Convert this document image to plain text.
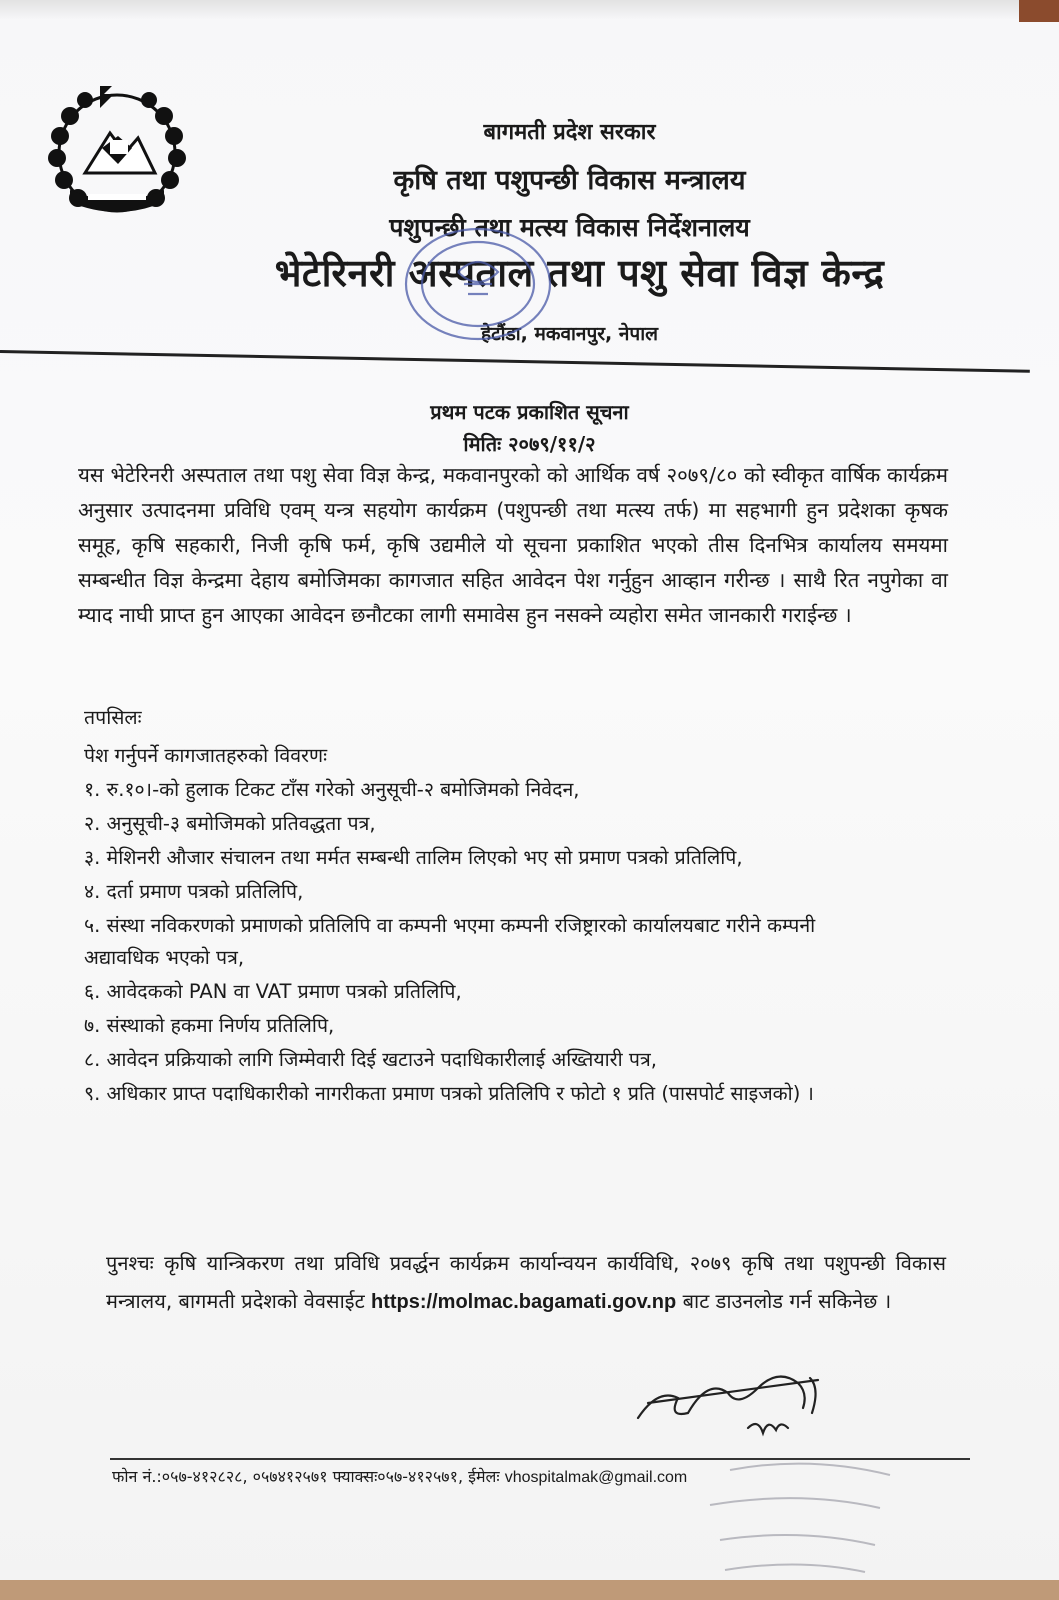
बागमती प्रदेश सरकार
कृषि तथा पशुपन्छी विकास मन्त्रालय
पशुपन्छी तथा मत्स्य विकास निर्देशनालय
भेटेरिनरी अस्पताल तथा पशु सेवा विज्ञ केन्द्र
हेटौंडा, मकवानपुर, नेपाल
प्रथम पटक प्रकाशित सूचना
मितिः २०७९/११/२
यस भेटेरिनरी अस्पताल तथा पशु सेवा विज्ञ केन्द्र, मकवानपुरको को आर्थिक वर्ष २०७९/८० को स्वीकृत वार्षिक कार्यक्रम अनुसार उत्पादनमा प्रविधि एवम् यन्त्र सहयोग कार्यक्रम (पशुपन्छी तथा मत्स्य तर्फ) मा सहभागी हुन प्रदेशका कृषक समूह, कृषि सहकारी, निजी कृषि फर्म, कृषि उद्यमीले यो सूचना प्रकाशित भएको तीस दिनभित्र कार्यालय समयमा सम्बन्धीत विज्ञ केन्द्रमा देहाय बमोजिमका कागजात सहित आवेदन पेश गर्नुहुन आव्हान गरीन्छ । साथै रित नपुगेका वा म्याद नाघी प्राप्त हुन आएका आवेदन छनौटका लागी समावेस हुन नसक्ने व्यहोरा समेत जानकारी गराईन्छ ।

तपसिलः

पेश गर्नुपर्ने कागजातहरुको विवरणः

१. रु.१०।-को हुलाक टिकट टाँस गरेको अनुसूची-२ बमोजिमको निवेदन,

२. अनुसूची-३ बमोजिमको प्रतिवद्धता पत्र,

३. मेशिनरी औजार संचालन तथा मर्मत सम्बन्धी तालिम लिएको भए सो प्रमाण पत्रको प्रतिलिपि,

४. दर्ता प्रमाण पत्रको प्रतिलिपि,

५. संस्था नविकरणको प्रमाणको प्रतिलिपि वा कम्पनी भएमा कम्पनी रजिष्ट्रारको कार्यालयबाट गरीने कम्पनी अद्यावधिक भएको पत्र,

६. आवेदकको PAN वा VAT प्रमाण पत्रको प्रतिलिपि,

७. संस्थाको हकमा निर्णय प्रतिलिपि,

८. आवेदन प्रक्रियाको लागि जिम्मेवारी दिई खटाउने पदाधिकारीलाई अख्तियारी पत्र,

९. अधिकार प्राप्त पदाधिकारीको नागरीकता प्रमाण पत्रको प्रतिलिपि र फोटो १ प्रति (पासपोर्ट साइजको) ।

पुनश्चः कृषि यान्त्रिकरण तथा प्रविधि प्रवर्द्धन कार्यक्रम कार्यान्वयन कार्यविधि, २०७९ कृषि तथा पशुपन्छी विकास मन्त्रालय, बागमती प्रदेशको वेवसाईट https://molmac.bagamati.gov.np बाट डाउनलोड गर्न सकिनेछ ।
फोन नं.:०५७-४१२८२८, ०५७४१२५७१ फ्याक्सः०५७-४१२५७१, ईमेलः vhospitalmak@gmail.com
